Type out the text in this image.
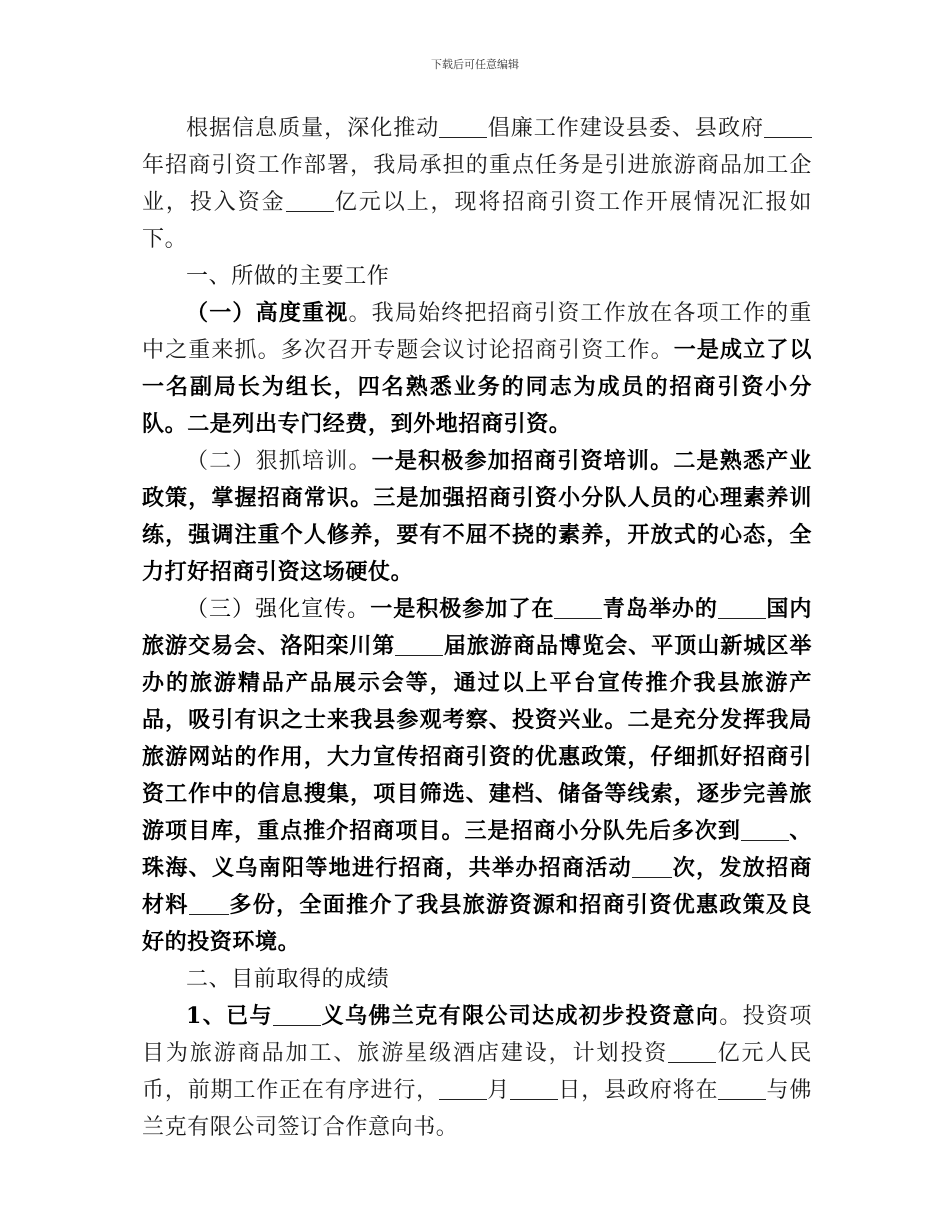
下载后可任意编辑

根据信息质量，深化推动 倡廉工作建设县委、县政府年招商引资工作部署，我局承担的重点任务是引进旅游商品加工企业，投入资金 亿元以上，现将招商引资工作开展情况汇报如下。

一、所做的主要工作

（一）高度重视。我局始终把招商引资工作放在各项工作的重中之重来抓。多次召开专题会议讨论招商引资工作。一是成立了以一名副局长为组长，四名熟悉业务的同志为成员的招商引资小分队。二是列出专门经费，到外地招商引资。

（二）狠抓培训。一是积极参加招商引资培训。二是熟悉产业政策，掌握招商常识。三是加强招商引资小分队人员的心理素养训练，强调注重个人修养，要有不屈不挠的素养，开放式的心态，全力打好招商引资这场硬仗。

（三）强化宣传。一是积极参加了在 青岛举办的 国内旅游交易会、洛阳栾川第 届旅游商品博览会、平顶山新城区举办的旅游精品产品展示会等，通过以上平台宣传推介我县旅游产品，吸引有识之士来我县参观考察、投资兴业。二是充分发挥我局旅游网站的作用，大力宣传招商引资的优惠政策，仔细抓好招商引资工作中的信息搜集，项目筛选、建档、储备等线索，逐步完善旅游项目库，重点推介招商项目。三是招商小分队先后多次到 、珠海、义乌南阳等地进行招商，共举办招商活动 次，发放招商材料 多份，全面推介了我县旅游资源和招商引资优惠政策及良好的投资环境。

二、目前取得的成绩

1、已与 义乌佛兰克有限公司达成初步投资意向。投资项目为旅游商品加工、旅游星级酒店建设，计划投资 亿元人民币，前期工作正在有序进行， 月 日，县政府将在 与佛兰克有限公司签订合作意向书。
